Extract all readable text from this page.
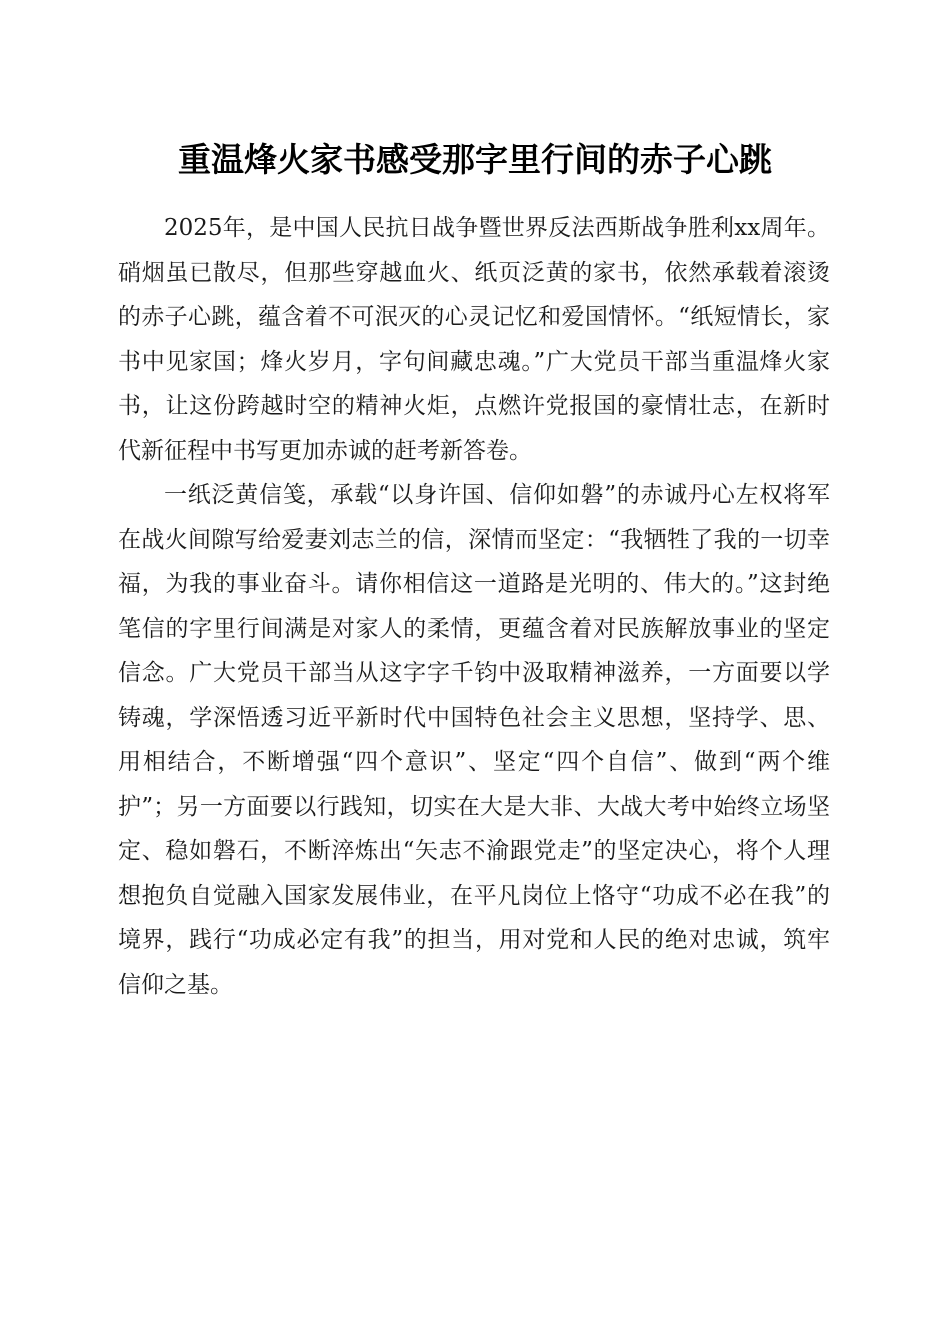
重温烽火家书感受那字里行间的赤子心跳

2025年，是中国人民抗日战争暨世界反法西斯战争胜利xx周年。硝烟虽已散尽，但那些穿越血火、纸页泛黄的家书，依然承载着滚烫的赤子心跳，蕴含着不可泯灭的心灵记忆和爱国情怀。“纸短情长，家书中见家国；烽火岁月，字句间藏忠魂。”广大党员干部当重温烽火家书，让这份跨越时空的精神火炬，点燃许党报国的豪情壮志，在新时代新征程中书写更加赤诚的赶考新答卷。

一纸泛黄信笺，承载“以身许国、信仰如磐”的赤诚丹心左权将军在战火间隙写给爱妻刘志兰的信，深情而坚定：“我牺牲了我的一切幸福，为我的事业奋斗。请你相信这一道路是光明的、伟大的。”这封绝笔信的字里行间满是对家人的柔情，更蕴含着对民族解放事业的坚定信念。广大党员干部当从这字字千钧中汲取精神滋养，一方面要以学铸魂，学深悟透习近平新时代中国特色社会主义思想，坚持学、思、用相结合，不断增强“四个意识”、坚定“四个自信”、做到“两个维护”；另一方面要以行践知，切实在大是大非、大战大考中始终立场坚定、稳如磐石，不断淬炼出“矢志不渝跟党走”的坚定决心，将个人理想抱负自觉融入国家发展伟业，在平凡岗位上恪守“功成不必在我”的境界，践行“功成必定有我”的担当，用对党和人民的绝对忠诚，筑牢信仰之基。
